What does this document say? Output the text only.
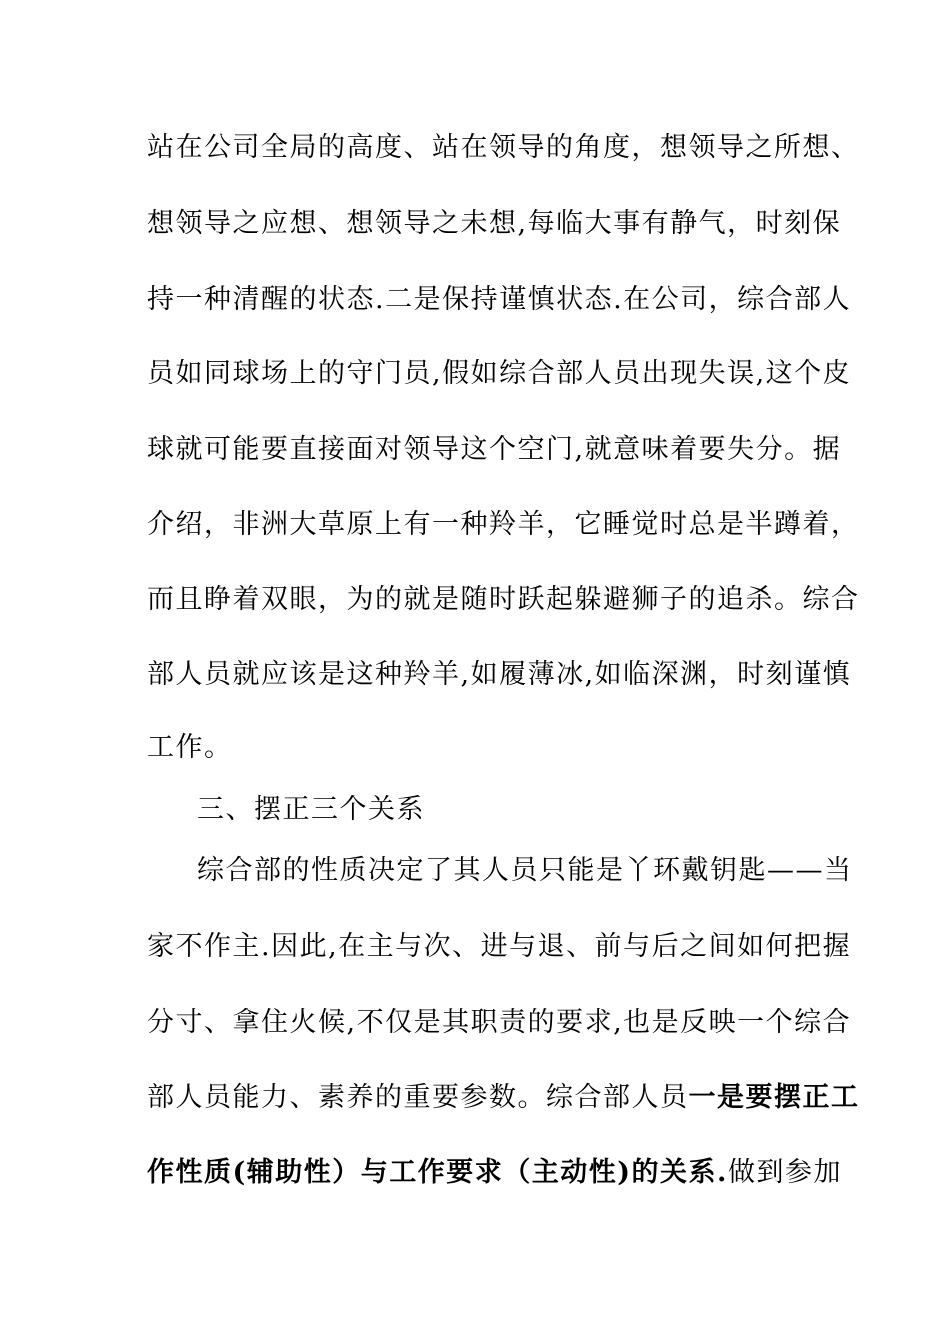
站在公司全局的高度、站在领导的角度，想领导之所想、
想领导之应想、想领导之未想,每临大事有静气，时刻保
持一种清醒的状态.二是保持谨慎状态.在公司，综合部人
员如同球场上的守门员,假如综合部人员出现失误,这个皮
球就可能要直接面对领导这个空门,就意味着要失分。据
介绍，非洲大草原上有一种羚羊，它睡觉时总是半蹲着，
而且睁着双眼，为的就是随时跃起躲避狮子的追杀。综合
部人员就应该是这种羚羊,如履薄冰,如临深渊，时刻谨慎
工作。
三、摆正三个关系
综合部的性质决定了其人员只能是丫环戴钥匙——当
家不作主.因此,在主与次、进与退、前与后之间如何把握
分寸、拿住火候,不仅是其职责的要求,也是反映一个综合
部人员能力、素养的重要参数。综合部人员一是要摆正工
作性质(辅助性）与工作要求（主动性)的关系.做到参加
